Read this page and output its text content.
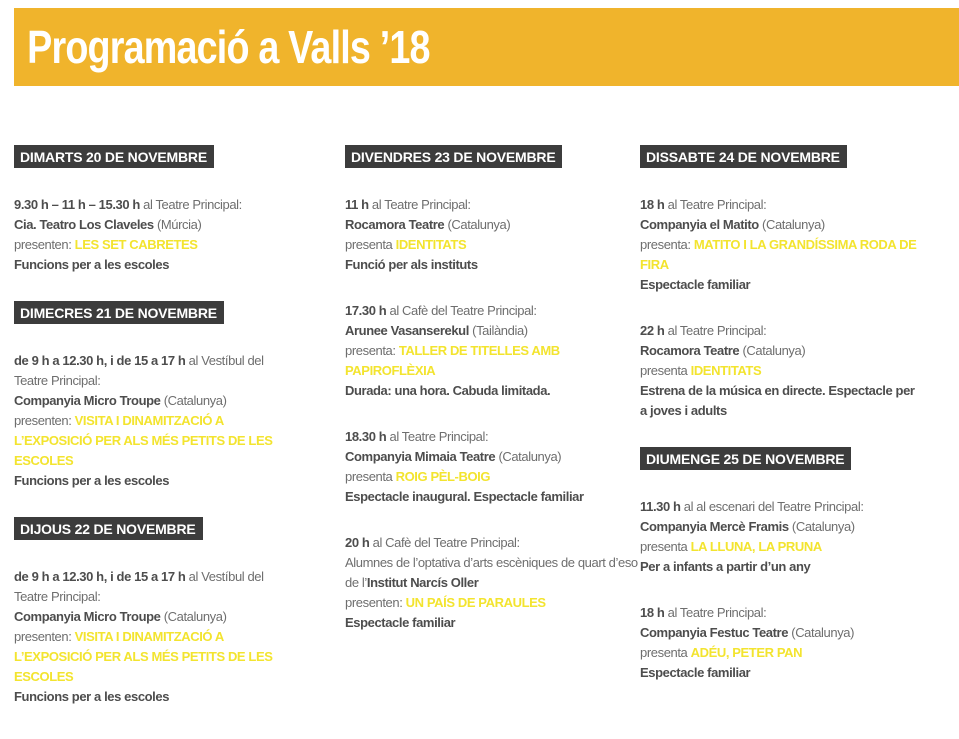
Programació a Valls ’18
DIMARTS 20 DE NOVEMBRE
9.30 h – 11 h – 15.30 h al Teatre Principal:
Cia. Teatro Los Claveles (Múrcia)
presenten: LES SET CABRETES
Funcions per a les escoles
DIMECRES 21 DE NOVEMBRE
de 9 h a 12.30 h, i de 15 a 17 h al Vestíbul del
Teatre Principal:
Companyia Micro Troupe (Catalunya)
presenten: VISITA I DINAMITZACIÓ A
L’EXPOSICIÓ PER ALS MÉS PETITS DE LES
ESCOLES
Funcions per a les escoles
DIJOUS 22 DE NOVEMBRE
de 9 h a 12.30 h, i de 15 a 17 h al Vestíbul del
Teatre Principal:
Companyia Micro Troupe (Catalunya)
presenten: VISITA I DINAMITZACIÓ A
L’EXPOSICIÓ PER ALS MÉS PETITS DE LES
ESCOLES
Funcions per a les escoles
DIVENDRES 23 DE NOVEMBRE
11 h al Teatre Principal:
Rocamora Teatre (Catalunya)
presenta IDENTITATS
Funció per als instituts
17.30 h al Cafè del Teatre Principal:
Arunee Vasanserekul (Tailàndia)
presenta: TALLER DE TITELLES AMB
PAPIROFLÈXIA
Durada: una hora. Cabuda limitada.
18.30 h al Teatre Principal:
Companyia Mimaia Teatre (Catalunya)
presenta ROIG PÈL-BOIG
Espectacle inaugural. Espectacle familiar
20 h al Cafè del Teatre Principal:
Alumnes de l’optativa d’arts escèniques de quart d’eso
de l’Institut Narcís Oller
presenten: UN PAÍS DE PARAULES
Espectacle familiar
DISSABTE 24 DE NOVEMBRE
18 h al Teatre Principal:
Companyia el Matito (Catalunya)
presenta: MATITO I LA GRANDÍSSIMA RODA DE
FIRA
Espectacle familiar
22 h al Teatre Principal:
Rocamora Teatre (Catalunya)
presenta IDENTITATS
Estrena de la música en directe. Espectacle per
a joves i adults
DIUMENGE 25 DE NOVEMBRE
11.30 h al al escenari del Teatre Principal:
Companyia Mercè Framis (Catalunya)
presenta LA LLUNA, LA PRUNA
Per a infants a partir d’un any
18 h al Teatre Principal:
Companyia Festuc Teatre (Catalunya)
presenta ADÉU, PETER PAN
Espectacle familiar
